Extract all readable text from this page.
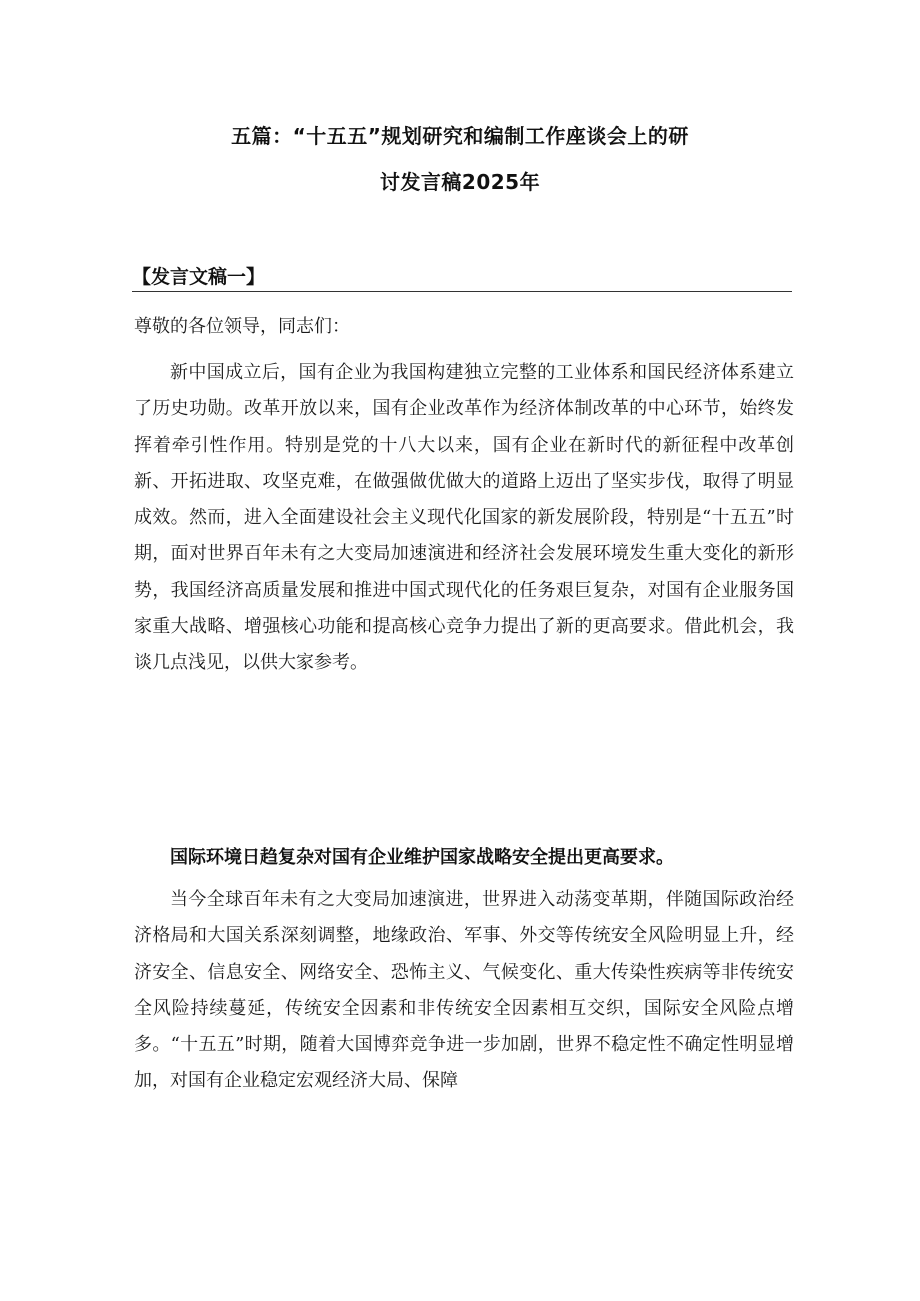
五篇：“十五五”规划研究和编制工作座谈会上的研
讨发言稿2025年
【发言文稿一】
尊敬的各位领导，同志们：

新中国成立后，国有企业为我国构建独立完整的工业体系和国民经济体系建立了历史功勋。改革开放以来，国有企业改革作为经济体制改革的中心环节，始终发挥着牵引性作用。特别是党的十八大以来，国有企业在新时代的新征程中改革创新、开拓进取、攻坚克难，在做强做优做大的道路上迈出了坚实步伐，取得了明显成效。然而，进入全面建设社会主义现代化国家的新发展阶段，特别是“十五五”时期，面对世界百年未有之大变局加速演进和经济社会发展环境发生重大变化的新形势，我国经济高质量发展和推进中国式现代化的任务艰巨复杂，对国有企业服务国家重大战略、增强核心功能和提高核心竞争力提出了新的更高要求。借此机会，我谈几点浅见，以供大家参考。

国际环境日趋复杂对国有企业维护国家战略安全提出更高要求。

当今全球百年未有之大变局加速演进，世界进入动荡变革期，伴随国际政治经济格局和大国关系深刻调整，地缘政治、军事、外交等传统安全风险明显上升，经济安全、信息安全、网络安全、恐怖主义、气候变化、重大传染性疾病等非传统安全风险持续蔓延，传统安全因素和非传统安全因素相互交织，国际安全风险点增多。“十五五”时期，随着大国博弈竞争进一步加剧，世界不稳定性不确定性明显增加，对国有企业稳定宏观经济大局、保障
